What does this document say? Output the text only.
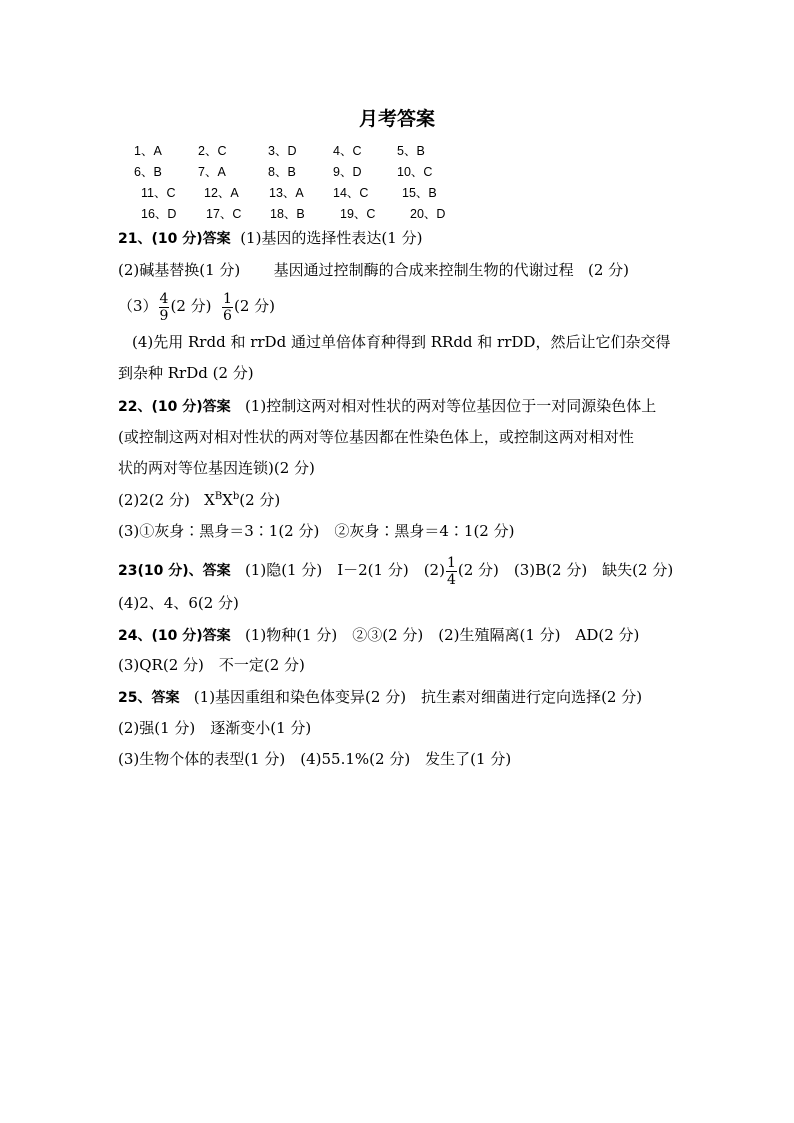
月考答案
1、A	2、C	3、D	4、C	5、B
6、B	7、A	8、B	9、D	10、C
11、C 12、A 13、A 14、C	15、B
16、D 17、C 18、B	19、C	20、D
21、(10 分)答案 (1)基因的选择性表达(1 分)
(2)碱基替换(1 分) 基因通过控制酶的合成来控制生物的代谢过程 (2 分)
$(3) \frac{4}{9} (2$ 分) $\frac{1}{6} (2$ 分)
(4)先用 Rrdd 和 rrDd 通过单倍体育种得到 RRdd 和 rrDD，然后让它们杂交得
到杂种 RrDd (2 分)
22、(10 分)答案 (1)控制这两对相对性状的两对等位基因位于一对同源染色体上
(或控制这两对相对性状的两对等位基因都在性染色体上，或控制这两对相对性
状的两对等位基因连锁)(2 分)
(2)2(2 分) $X^BX^b(2$ 分)
(3)①灰身∶黑身＝3∶1(2 分)　②灰身∶黑身＝4∶1(2 分)
23(10 分)、答案 (1)隐(1 分)　Ⅰ－2(1 分)　$(2) \frac{1}{4} (2$ 分)　(3)B(2 分)　缺失(2 分)
(4)2、4、6(2 分)
24、(10 分)答案 (1)物种(1 分)　②③(2 分)　(2)生殖隔离(1 分)　AD(2 分)
(3)QR(2 分)　不一定(2 分)
25、答案 (1)基因重组和染色体变异(2 分)　抗生素对细菌进行定向选择(2 分)
(2)强(1 分)　逐渐变小(1 分)
(3)生物个体的表型(1 分)　(4)55.1%(2 分)　发生了(1 分)
